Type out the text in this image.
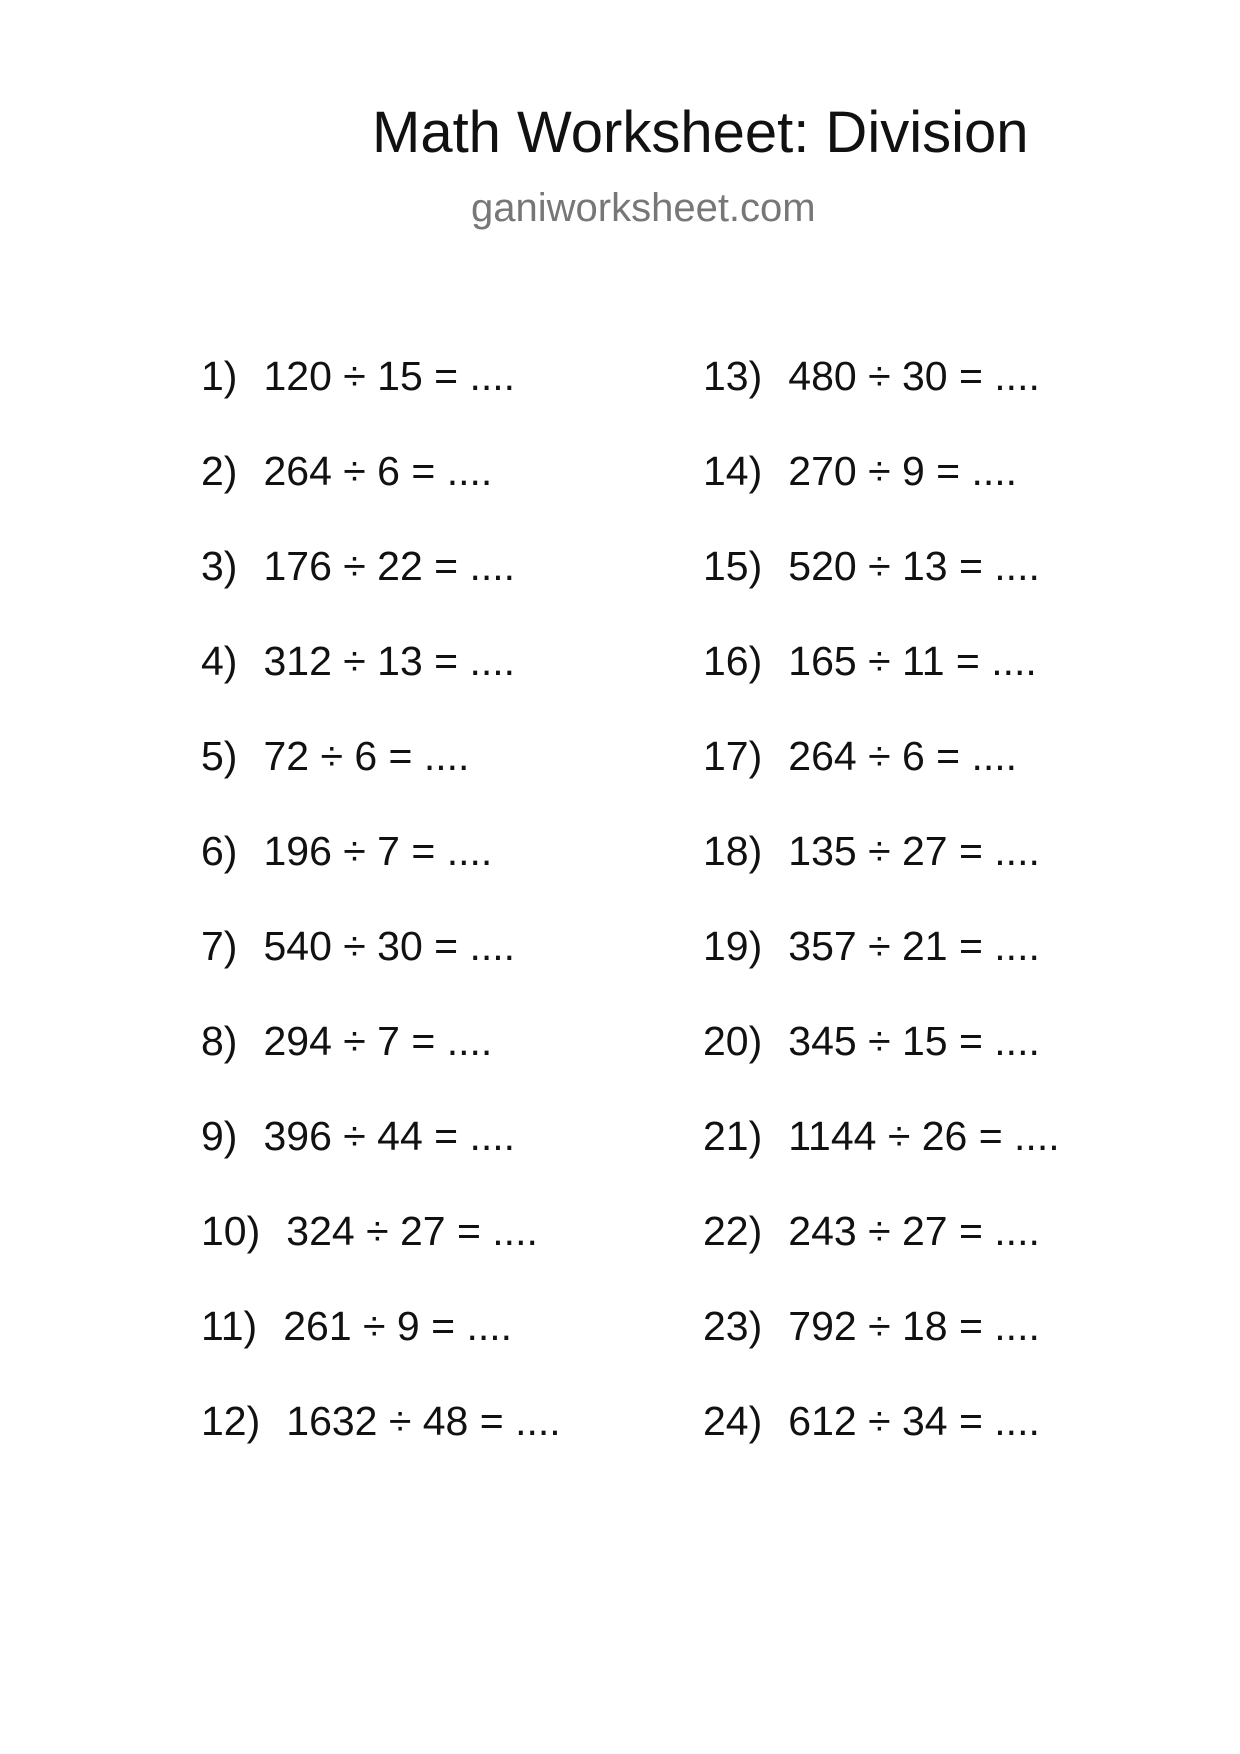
Math Worksheet: Division
ganiworksheet.com
1) 120 ÷ 15 = ....
2) 264 ÷ 6 = ....
3) 176 ÷ 22 = ....
4) 312 ÷ 13 = ....
5) 72 ÷ 6 = ....
6) 196 ÷ 7 = ....
7) 540 ÷ 30 = ....
8) 294 ÷ 7 = ....
9) 396 ÷ 44 = ....
10) 324 ÷ 27 = ....
11) 261 ÷ 9 = ....
12) 1632 ÷ 48 = ....
13) 480 ÷ 30 = ....
14) 270 ÷ 9 = ....
15) 520 ÷ 13 = ....
16) 165 ÷ 11 = ....
17) 264 ÷ 6 = ....
18) 135 ÷ 27 = ....
19) 357 ÷ 21 = ....
20) 345 ÷ 15 = ....
21) 1144 ÷ 26 = ....
22) 243 ÷ 27 = ....
23) 792 ÷ 18 = ....
24) 612 ÷ 34 = ....
